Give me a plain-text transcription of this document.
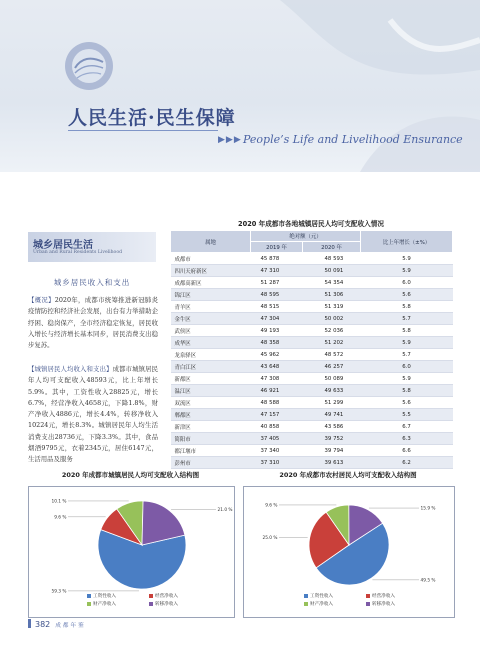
人民生活·民生保障
▶▶▶ People’s Life and Livelihood Ensurance
城乡居民生活
Urban and Rural Residents Livelihood
城乡居民收入和支出
【概况】2020年，成都市统筹推进新冠肺炎疫情防控和经济社会发展，出台有力举措助企纾困、稳岗保产，全市经济稳定恢复，居民收入增长与经济增长基本同步，居民消费支出稳步复苏。
【城镇居民人均收入和支出】成都市城镇居民年人均可支配收入48593元，比上年增长5.9%。其中，工资性收入28825元，增长6.7%，经营净收入4658元，下降1.8%，财产净收入4886元，增长4.4%，转移净收入10224元，增长8.3%。城镇居民年人均生活消费支出28736元，下降3.3%。其中，食品烟酒9795元，衣着2345元，居住6147元，生活用品及服务
2020 年成都市各地城镇居民人均可支配收入情况
属地	绝对额（元）		比上年增长（±%）
	2019 年	2020 年	
成都市	45 878	48 593	5.9
四川天府新区	47 310	50 091	5.9
成都高新区	51 287	54 354	6.0
锦江区	48 595	51 306	5.6
青羊区	48 515	51 319	5.8
金牛区	47 304	50 002	5.7
武侯区	49 193	52 036	5.8
成华区	48 358	51 202	5.9
龙泉驿区	45 962	48 572	5.7
青白江区	43 648	46 257	6.0
新都区	47 308	50 089	5.9
温江区	46 921	49 633	5.8
双流区	48 588	51 299	5.6
郫都区	47 157	49 741	5.5
新津区	40 858	43 586	6.7
简阳市	37 405	39 752	6.3
都江堰市	37 340	39 794	6.6
彭州市	37 310	39 613	6.2
2020 年成都市城镇居民人均可支配收入结构图
59.3 %
9.6 %
10.1 %
21.0 %
工资性收入	经营净收入
财产净收入	转移净收入
2020 年成都市农村居民人均可支配收入结构图
49.5 %
25.0 %
9.6 %
15.9 %
工资性收入	经营净收入
财产净收入	转移净收入
382 成都年鉴
